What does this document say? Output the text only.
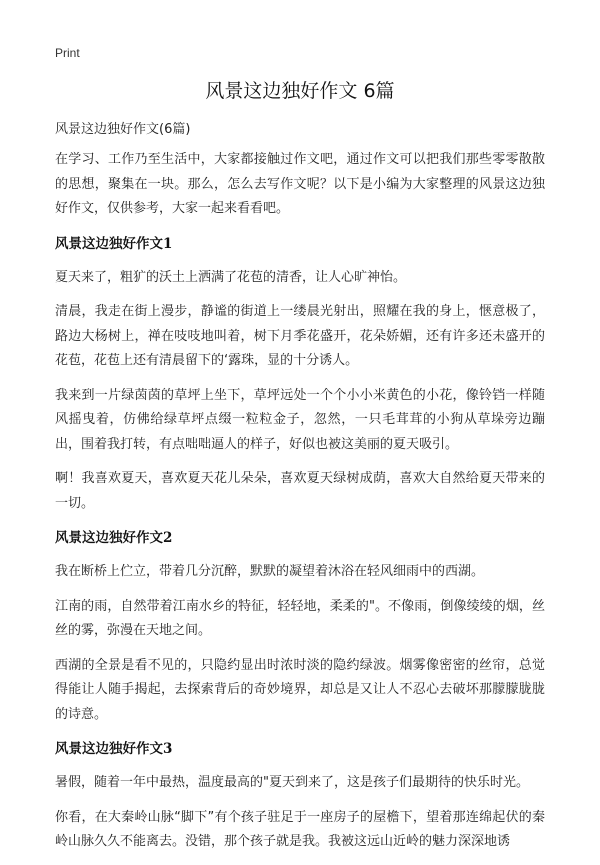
Print
风景这边独好作文 6篇
风景这边独好作文(6篇)

在学习、工作乃至生活中，大家都接触过作文吧，通过作文可以把我们那些零零散散的思想，聚集在一块。那么，怎么去写作文呢？以下是小编为大家整理的风景这边独好作文，仅供参考，大家一起来看看吧。

风景这边独好作文1

夏天来了，粗犷的沃土上洒满了花苞的清香，让人心旷神怡。

清晨，我走在街上漫步，静谧的街道上一缕晨光射出，照耀在我的身上，惬意极了，路边大杨树上，禅在吱吱地叫着，树下月季花盛开，花朵娇媚，还有许多还未盛开的花苞，花苞上还有清晨留下的‘露珠，显的十分诱人。

我来到一片绿茵茵的草坪上坐下，草坪远处一个个小小米黄色的小花，像铃铛一样随风摇曳着，仿佛给绿草坪点缀一粒粒金子，忽然，一只毛茸茸的小狗从草垛旁边蹦出，围着我打转，有点咄咄逼人的样子，好似也被这美丽的夏天吸引。

啊！我喜欢夏天，喜欢夏天花儿朵朵，喜欢夏天绿树成荫，喜欢大自然给夏天带来的一切。

风景这边独好作文2

我在断桥上伫立，带着几分沉醉，默默的凝望着沐浴在轻风细雨中的西湖。

江南的雨，自然带着江南水乡的特征，轻轻地，柔柔的"。不像雨，倒像绫绫的烟，丝丝的雾，弥漫在天地之间。

西湖的全景是看不见的，只隐约显出时浓时淡的隐约绿波。烟雾像密密的丝帘，总觉得能让人随手揭起，去探索背后的奇妙境界，却总是又让人不忍心去破坏那朦朦胧胧的诗意。

风景这边独好作文3

暑假，随着一年中最热，温度最高的"夏天到来了，这是孩子们最期待的快乐时光。

你看，在大秦岭山脉“脚下”有个孩子驻足于一座房子的屋檐下，望着那连绵起伏的秦岭山脉久久不能离去。没错，那个孩子就是我。我被这远山近岭的魅力深深地诱
